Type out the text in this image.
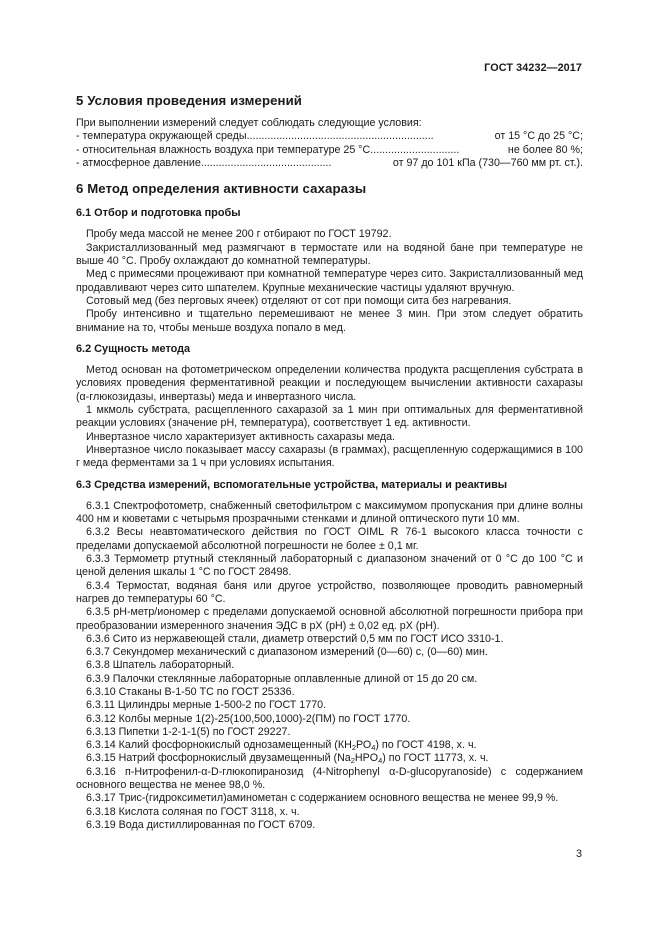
ГОСТ 34232—2017
5 Условия проведения измерений

При выполнении измерений следует соблюдать следующие условия:

- температура окружающей среды ...............................................................	от 15 °С до 25 °С;
- относительная влажность воздуха при температуре 25 °С ..............................	не более 80 %;
- атмосферное давление ............................................	от 97 до 101 кПа (730—760 мм рт. ст.).
6 Метод определения активности сахаразы
6.1 Отбор и подготовка пробы

Пробу меда массой не менее 200 г отбирают по ГОСТ 19792.

Закристаллизованный мед размягчают в термостате или на водяной бане при температуре не выше 40 °С. Пробу охлаждают до комнатной температуры.

Мед с примесями процеживают при комнатной температуре через сито. Закристаллизованный мед продавливают через сито шпателем. Крупные механические частицы удаляют вручную.

Сотовый мед (без перговых ячеек) отделяют от сот при помощи сита без нагревания.

Пробу интенсивно и тщательно перемешивают не менее 3 мин. При этом следует обратить внимание на то, чтобы меньше воздуха попало в мед.

6.2 Сущность метода

Метод основан на фотометрическом определении количества продукта расщепления субстрата в условиях проведения ферментативной реакции и последующем вычислении активности сахаразы (α-глюкозидазы, инвертазы) меда и инвертазного числа.

1 мкмоль субстрата, расщепленного сахаразой за 1 мин при оптимальных для ферментативной реакции условиях (значение рН, температура), соответствует 1 ед. активности.

Инвертазное число характеризует активность сахаразы меда.

Инвертазное число показывает массу сахаразы (в граммах), расщепленную содержащимися в 100 г меда ферментами за 1 ч при условиях испытания.

6.3 Средства измерений, вспомогательные устройства, материалы и реактивы

6.3.1 Спектрофотометр, снабженный светофильтром с максимумом пропускания при длине волны 400 нм и кюветами с четырьмя прозрачными стенками и длиной оптического пути 10 мм.

6.3.2 Весы неавтоматического действия по ГОСТ OIML R 76-1 высокого класса точности с пределами допускаемой абсолютной погрешности не более ± 0,1 мг.

6.3.3 Термометр ртутный стеклянный лабораторный с диапазоном значений от 0 °С до 100 °С и ценой деления шкалы 1 °С по ГОСТ 28498.

6.3.4 Термостат, водяная баня или другое устройство, позволяющее проводить равномерный нагрев до температуры 60 °С.

6.3.5 рН-метр/иономер с пределами допускаемой основной абсолютной погрешности прибора при преобразовании измеренного значения ЭДС в рХ (рН) ± 0,02 ед. рХ (рН).

6.3.6 Сито из нержавеющей стали, диаметр отверстий 0,5 мм по ГОСТ ИСО 3310-1.

6.3.7 Секундомер механический с диапазоном измерений (0—60) с, (0—60) мин.

6.3.8 Шпатель лабораторный.

6.3.9 Палочки стеклянные лабораторные оплавленные длиной от 15 до 20 см.

6.3.10 Стаканы В-1-50 ТС по ГОСТ 25336.

6.3.11 Цилиндры мерные 1-500-2 по ГОСТ 1770.

6.3.12 Колбы мерные 1(2)-25(100,500,1000)-2(ПМ) по ГОСТ 1770.

6.3.13 Пипетки 1-2-1-1(5) по ГОСТ 29227.

6.3.14 Калий фосфорнокислый однозамещенный $(КН_2РО_4)$ по ГОСТ 4198, х. ч.

6.3.15 Натрий фосфорнокислый двузамещенный $(Na_2HPO_4)$ по ГОСТ 11773, х. ч.

6.3.16 п-Нитрофенил-α-D-глюкопиранозид (4-Nitrophenyl α-D-glucopyranoside) с содержанием основного вещества не менее 98,0 %.

6.3.17 Трис-(гидроксиметил)аминометан с содержанием основного вещества не менее 99,9 %.

6.3.18 Кислота соляная по ГОСТ 3118, х. ч.

6.3.19 Вода дистиллированная по ГОСТ 6709.

3
